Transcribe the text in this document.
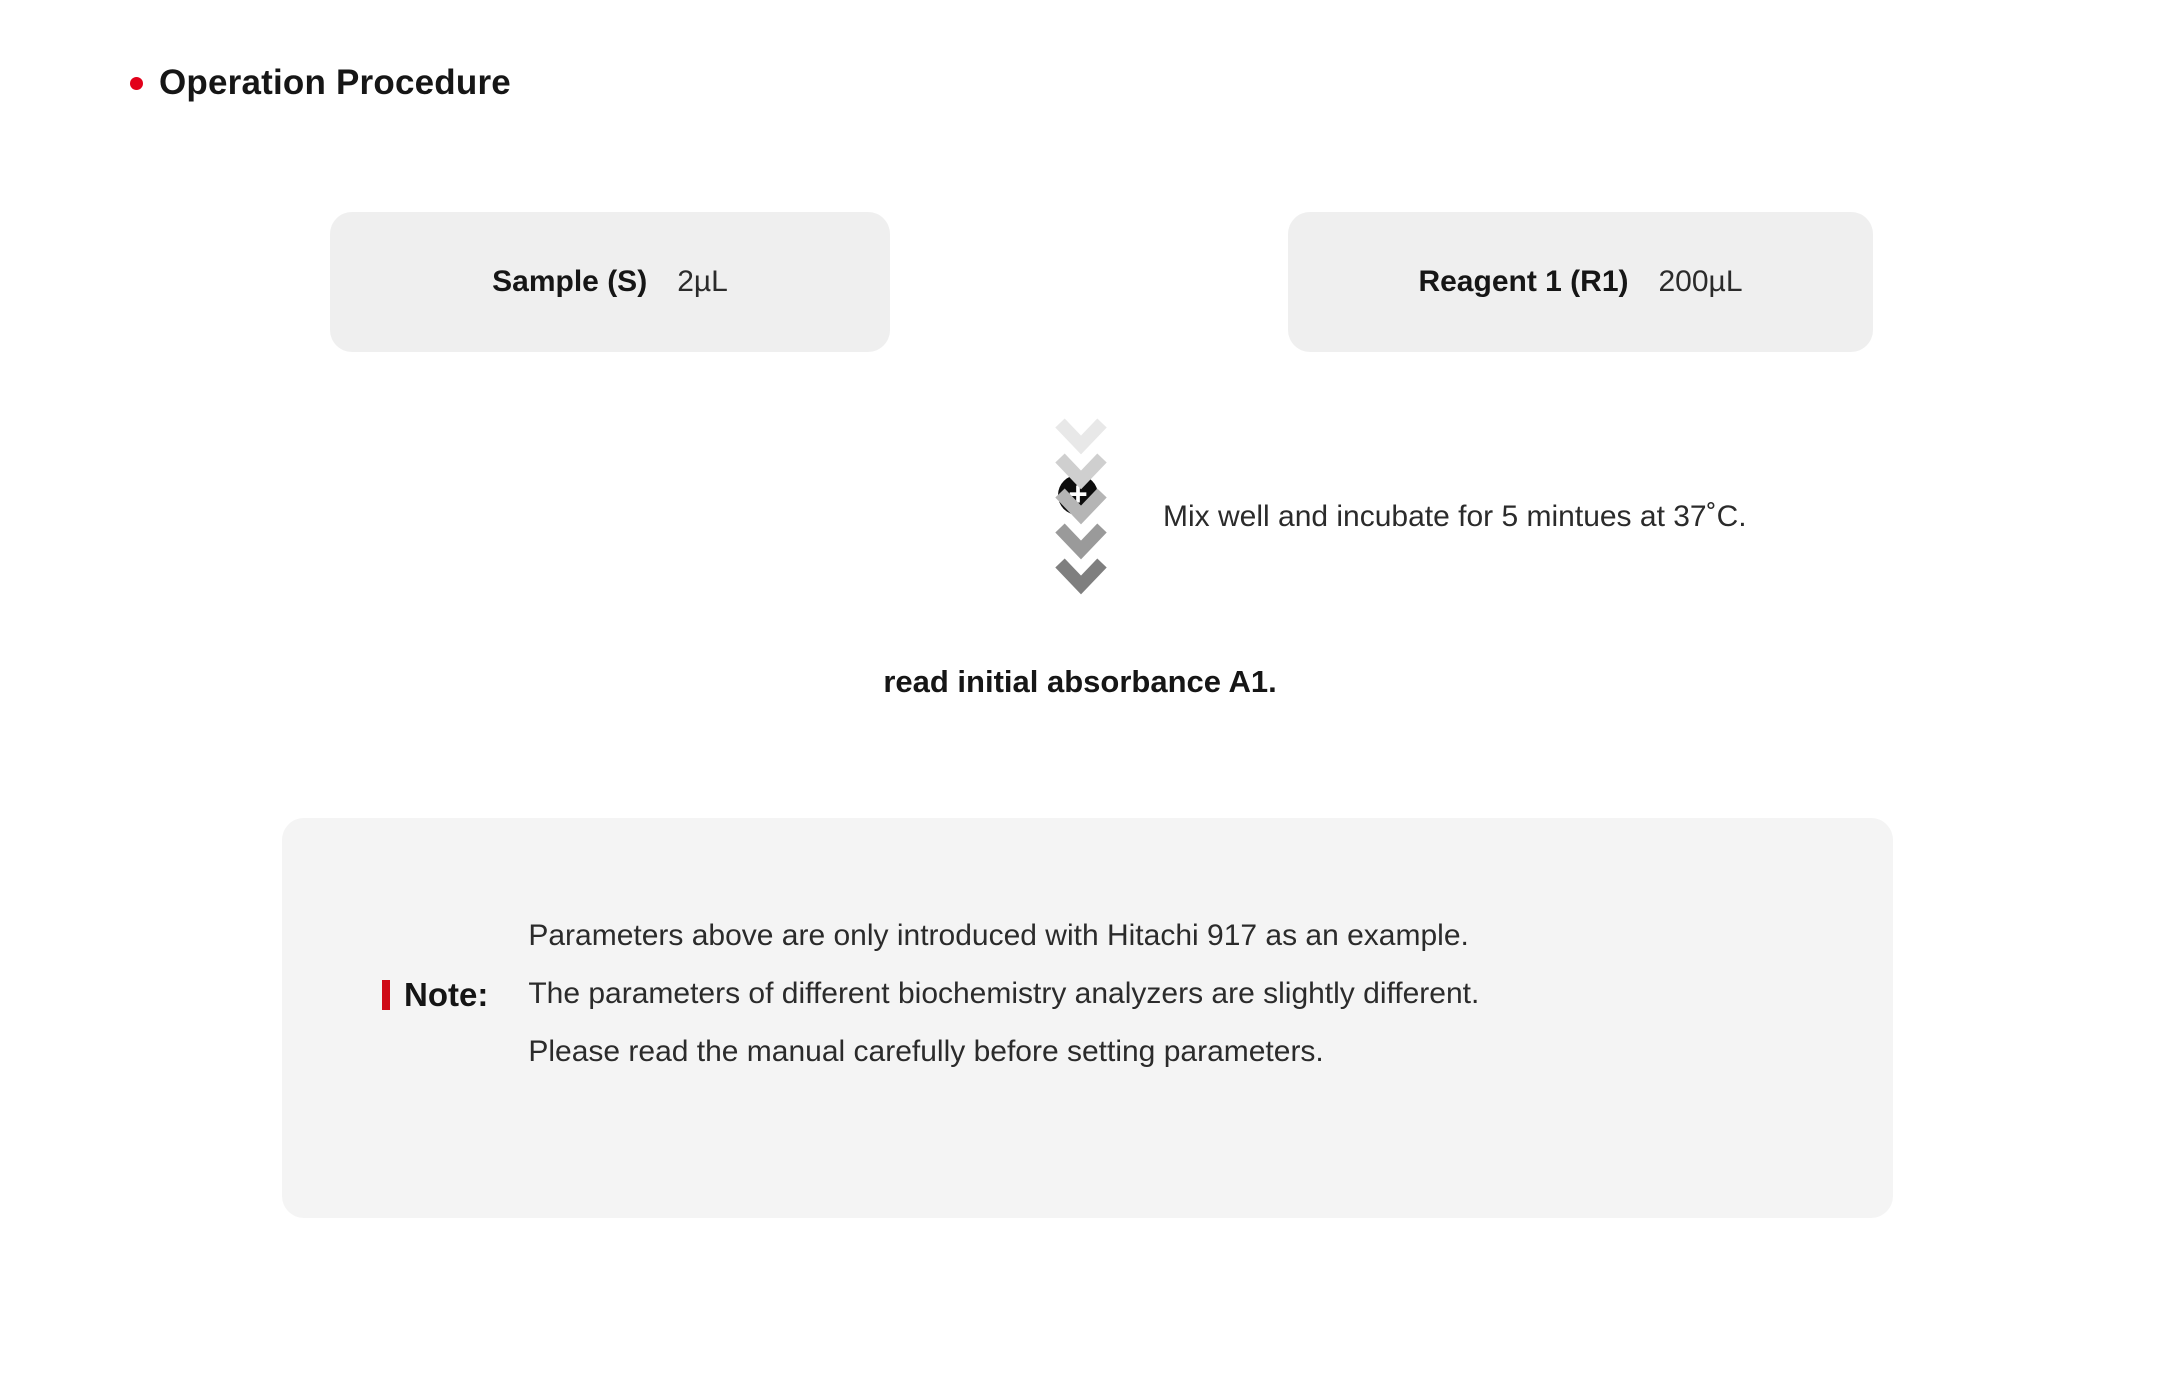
Operation Procedure
Sample (S) 2µL
+
Reagent 1 (R1) 200µL
Mix well and incubate for 5 mintues at 37˚C.
read initial absorbance A1.
Note:

Parameters above are only introduced with Hitachi 917 as an example.

The parameters of different biochemistry analyzers are slightly different.

Please read the manual carefully before setting parameters.
